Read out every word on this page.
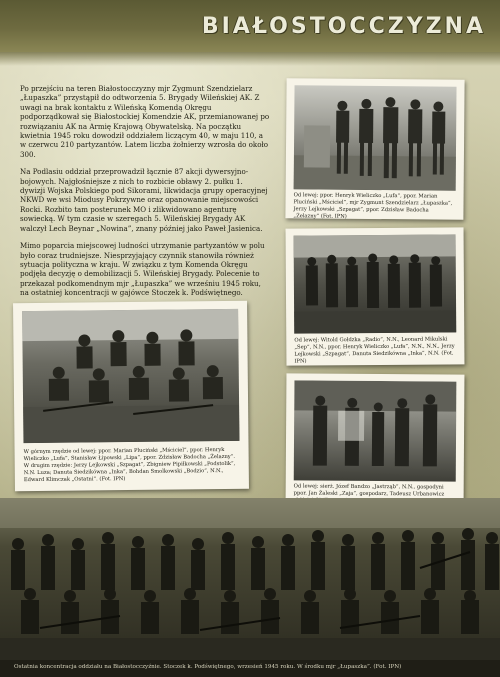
BIAŁOSTOCCZYZNA

Po przejściu na teren Białostocczyzny mjr Zygmunt Szendzielarz „Łupaszka” przystąpił do odtworzenia 5. Brygady Wileńskiej AK. Z uwagi na brak kontaktu z Wileńską Komendą Okręgu podporządkował się Białostockiej Komendzie AK, przemianowanej po rozwiązaniu AK na Armię Krajową Obywatelską. Na początku kwietnia 1945 roku dowodził oddziałem liczącym 40, w maju 110, a w czerwcu 210 partyzantów. Latem liczba żołnierzy wzrosła do około 300.

Na Podlasiu oddział przeprowadził łącznie 87 akcji dywersyjno-bojowych. Najgłośniejsze z nich to rozbicie obławy 2. pułku 1. dywizji Wojska Polskiego pod Sikorami, likwidacja grupy operacyjnej NKWD we wsi Miodusy Pokrzywne oraz opanowanie miejscowości Rocki. Rozbito tam posterunek MO i zlikwidowano agenturę sowiecką. W tym czasie w szeregach 5. Wileńskiej Brygady AK walczył Lech Beynar „Nowina”, znany później jako Paweł Jasienica.

Mimo poparcia miejscowej ludności utrzymanie partyzantów w polu było coraz trudniejsze. Niesprzyjający czynnik stanowiła również sytuacja polityczna w kraju. W związku z tym Komenda Okręgu podjęła decyzję o demobilizacji 5. Wileńskiej Brygady. Polecenie to przekazał podkomendnym mjr „Łupaszka” we wrześniu 1945 roku, na ostatniej koncentracji w gajówce Stoczek k. Podświętnego.

Od lewej: ppor. Henryk Wieliczko „Lufa”, ppor. Marian Pluciński „Mściciel”, mjr Zygmunt Szendzielarz „Łupaszka”, Jerzy Lejkowski „Szpagat”, ppor. Zdzisław Badocha „Żelazny” (Fot. IPN)
Od lewej: Witold Gołdzka „Radio”, N.N., Leonard Mikulski „Sep”, N.N., ppor. Henryk Wieliczko „Lufa”, N.N., N.N., Jerzy Lejkowski „Szpagat”, Danuta Siedzikówna „Inka”, N.N. (Fot. IPN)
Od lewej: sierż. Józef Bandzo „Jastrząb”, N.N., gospodyni ppor. Jan Żaleski „Zaja”, gospodarz, Tadeusz Urbanowicz
W górnym rzędzie od lewej: ppor. Marian Pluciński „Mściciel”, ppor. Henryk Wieliczko „Lufa”, Stanisław Łipowski „Lipa”, ppor. Zdzisław Badocha „Żelazny”. W drugim rzędzie: Jerzy Lejkowski „Szpagat”, Zbigniew Pipiłkowski „Podstolik”, N.N. Luza; Danuta Siedzikówna „Inka”, Bohdan Smolkowski „Bodzio”, N.N., Edward Klimczak „Ostatni”. (Fot. IPN)
Ostatnia koncentracja oddziału na Białostocczyźnie. Stoczek k. Podświętnego, wrzesień 1945 roku. W środku mjr „Łupaszka”. (Fot. IPN)
